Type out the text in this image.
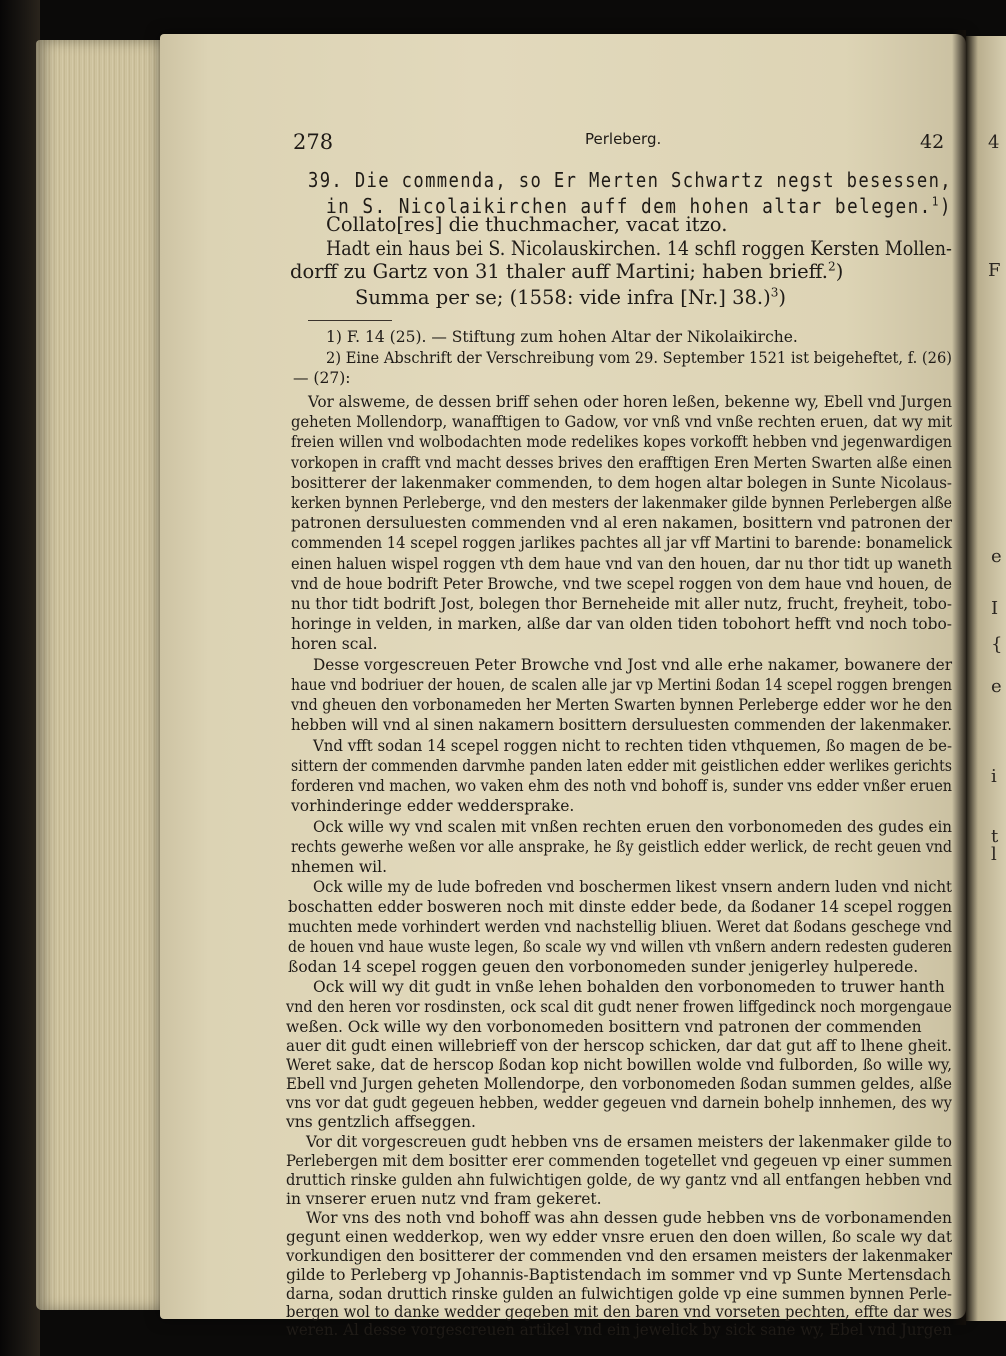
4
F
e
I
{
e
i
t
l
278	Perleberg.	42
39. Die commenda, so Er Merten Schwartz negst besessen,
in S. Nicolaikirchen auff dem hohen altar belegen.$^1$)
Collato[res] die thuchmacher, vacat itzo.
Hadt ein haus bei S. Nicolauskirchen. 14 schfl roggen Kersten Mollen-
dorff zu Gartz von 31 thaler auff Martini; haben brieff.$^2$)
Summa per se; (1558: vide infra [Nr.] 38.)$^3$)
1) F. 14 (25). — Stiftung zum hohen Altar der Nikolaikirche.
2) Eine Abschrift der Verschreibung vom 29. September 1521 ist beigeheftet, f. (26)
— (27):
Vor alsweme, de dessen briff sehen oder horen leßen, bekenne wy, Ebell vnd Jurgen
geheten Mollendorp, wanafftigen to Gadow, vor vnß vnd vnße rechten eruen, dat wy mit
freien willen vnd wolbodachten mode redelikes kopes vorkofft hebben vnd jegenwardigen
vorkopen in crafft vnd macht desses brives den erafftigen Eren Merten Swarten alße einen
bositterer der lakenmaker commenden, to dem hogen altar bolegen in Sunte Nicolaus-
kerken bynnen Perleberge, vnd den mesters der lakenmaker gilde bynnen Perlebergen alße
patronen dersuluesten commenden vnd al eren nakamen, bosittern vnd patronen der
commenden 14 scepel roggen jarlikes pachtes all jar vff Martini to barende: bonamelick
einen haluen wispel roggen vth dem haue vnd van den houen, dar nu thor tidt up waneth
vnd de houe bodrift Peter Browche, vnd twe scepel roggen von dem haue vnd houen, de
nu thor tidt bodrift Jost, bolegen thor Berneheide mit aller nutz, frucht, freyheit, tobo-
horinge in velden, in marken, alße dar van olden tiden tobohort hefft vnd noch tobo-
horen scal.
Desse vorgescreuen Peter Browche vnd Jost vnd alle erhe nakamer, bowanere der
haue vnd bodriuer der houen, de scalen alle jar vp Mertini ßodan 14 scepel roggen brengen
vnd gheuen den vorbonameden her Merten Swarten bynnen Perleberge edder wor he den
hebben will vnd al sinen nakamern bosittern dersuluesten commenden der lakenmaker.
Vnd vfft sodan 14 scepel roggen nicht to rechten tiden vthquemen, ßo magen de be-
sittern der commenden darvmhe panden laten edder mit geistlichen edder werlikes gerichts
forderen vnd machen, wo vaken ehm des noth vnd bohoff is, sunder vns edder vnßer eruen
vorhinderinge edder weddersprake.
Ock wille wy vnd scalen mit vnßen rechten eruen den vorbonomeden des gudes ein
rechts gewerhe weßen vor alle ansprake, he ßy geistlich edder werlick, de recht geuen vnd
nhemen wil.
Ock wille my de lude bofreden vnd boschermen likest vnsern andern luden vnd nicht
boschatten edder bosweren noch mit dinste edder bede, da ßodaner 14 scepel roggen
muchten mede vorhindert werden vnd nachstellig bliuen. Weret dat ßodans geschege vnd
de houen vnd haue wuste legen, ßo scale wy vnd willen vth vnßern andern redesten guderen
ßodan 14 scepel roggen geuen den vorbonomeden sunder jenigerley hulperede.
Ock will wy dit gudt in vnße lehen bohalden den vorbonomeden to truwer hanth
vnd den heren vor rosdinsten, ock scal dit gudt nener frowen liffgedinck noch morgengaue
weßen. Ock wille wy den vorbonomeden bosittern vnd patronen der commenden
auer dit gudt einen willebrieff von der herscop schicken, dar dat gut aff to lhene gheit.
Weret sake, dat de herscop ßodan kop nicht bowillen wolde vnd fulborden, ßo wille wy,
Ebell vnd Jurgen geheten Mollendorpe, den vorbonomeden ßodan summen geldes, alße
vns vor dat gudt gegeuen hebben, wedder gegeuen vnd darnein bohelp innhemen, des wy
vns gentzlich affseggen.
Vor dit vorgescreuen gudt hebben vns de ersamen meisters der lakenmaker gilde to
Perlebergen mit dem bositter erer commenden togetellet vnd gegeuen vp einer summen
druttich rinske gulden ahn fulwichtigen golde, de wy gantz vnd all entfangen hebben vnd
in vnserer eruen nutz vnd fram gekeret.
Wor vns des noth vnd bohoff was ahn dessen gude hebben vns de vorbonamenden
gegunt einen wedderkop, wen wy edder vnsre eruen den doen willen, ßo scale wy dat
vorkundigen den bositterer der commenden vnd den ersamen meisters der lakenmaker
gilde to Perleberg vp Johannis-Baptistendach im sommer vnd vp Sunte Mertensdach
darna, sodan druttich rinske gulden an fulwichtigen golde vp eine summen bynnen Perle-
bergen wol to danke wedder gegeben mit den baren vnd vorseten pechten, effte dar wes
weren. Al desse vorgescreuen artikel vnd ein jewelick by sick sane wy, Ebel vnd Jurgen
